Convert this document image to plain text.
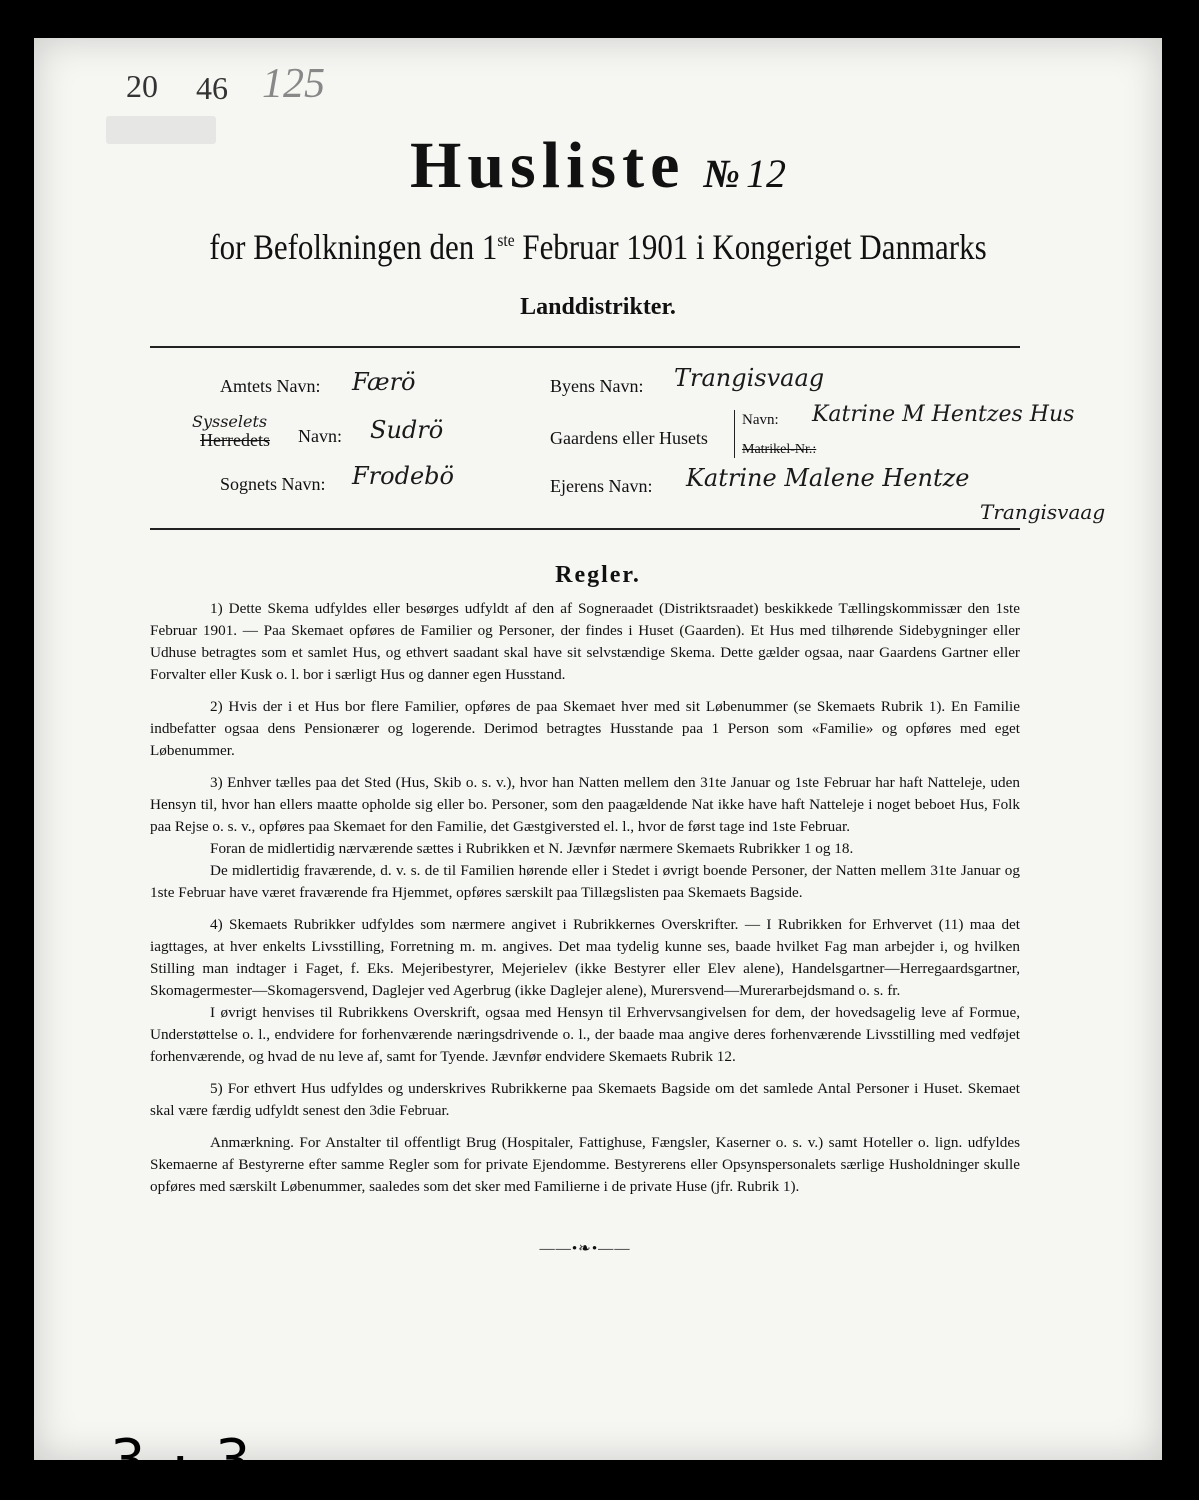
20 46 125
Husliste № 12
for Befolkningen den 1ste Februar 1901 i Kongeriget Danmarks
Landdistrikter.
Amtets Navn: Færö
Sysselets
Herredets Navn: Sudrö
Sognets Navn: Frodebö
Byens Navn: Trangisvaag
Gaardens eller Husets
Navn: Katrine M Hentzes Hus
Matrikel-Nr.:
Ejerens Navn: Katrine Malene Hentze
Trangisvaag
Regler.

1) Dette Skema udfyldes eller besørges udfyldt af den af Sogneraadet (Distriktsraadet) beskikkede Tællingskommissær den 1ste Februar 1901. — Paa Skemaet opføres de Familier og Personer, der findes i Huset (Gaarden). Et Hus med tilhørende Sidebygninger eller Udhuse betragtes som et samlet Hus, og ethvert saadant skal have sit selvstændige Skema. Dette gælder ogsaa, naar Gaardens Gartner eller Forvalter eller Kusk o. l. bor i særligt Hus og danner egen Husstand.

2) Hvis der i et Hus bor flere Familier, opføres de paa Skemaet hver med sit Løbenummer (se Skemaets Rubrik 1). En Familie indbefatter ogsaa dens Pensionærer og logerende. Derimod betragtes Husstande paa 1 Person som «Familie» og opføres med eget Løbenummer.

3) Enhver tælles paa det Sted (Hus, Skib o. s. v.), hvor han Natten mellem den 31te Januar og 1ste Februar har haft Natteleje, uden Hensyn til, hvor han ellers maatte opholde sig eller bo. Personer, som den paagældende Nat ikke have haft Natteleje i noget beboet Hus, Folk paa Rejse o. s. v., opføres paa Skemaet for den Familie, det Gæstgiversted el. l., hvor de først tage ind 1ste Februar.

Foran de midlertidig nærværende sættes i Rubrikken et N. Jævnfør nærmere Skemaets Rubrikker 1 og 18.

De midlertidig fraværende, d. v. s. de til Familien hørende eller i Stedet i øvrigt boende Personer, der Natten mellem 31te Januar og 1ste Februar have været fraværende fra Hjemmet, opføres særskilt paa Tillægslisten paa Skemaets Bagside.

4) Skemaets Rubrikker udfyldes som nærmere angivet i Rubrikkernes Overskrifter. — I Rubrikken for Erhvervet (11) maa det iagttages, at hver enkelts Livsstilling, Forretning m. m. angives. Det maa tydelig kunne ses, baade hvilket Fag man arbejder i, og hvilken Stilling man indtager i Faget, f. Eks. Mejeribestyrer, Mejerielev (ikke Bestyrer eller Elev alene), Handelsgartner—Herregaardsgartner, Skomagermester—Skomagersvend, Daglejer ved Agerbrug (ikke Daglejer alene), Murersvend—Murerarbejdsmand o. s. fr.

I øvrigt henvises til Rubrikkens Overskrift, ogsaa med Hensyn til Erhvervsangivelsen for dem, der hovedsagelig leve af Formue, Understøttelse o. l., endvidere for forhenværende næringsdrivende o. l., der baade maa angive deres forhenværende Livsstilling med vedføjet forhenværende, og hvad de nu leve af, samt for Tyende. Jævnfør endvidere Skemaets Rubrik 12.

5) For ethvert Hus udfyldes og underskrives Rubrikkerne paa Skemaets Bagside om det samlede Antal Personer i Huset. Skemaet skal være færdig udfyldt senest den 3die Februar.

Anmærkning. For Anstalter til offentligt Brug (Hospitaler, Fattighuse, Fængsler, Kaserner o. s. v.) samt Hoteller o. lign. udfyldes Skemaerne af Bestyrerne efter samme Regler som for private Ejendomme. Bestyrerens eller Opsynspersonalets særlige Husholdninger skulle opføres med særskilt Løbenummer, saaledes som det sker med Familierne i de private Huse (jfr. Rubrik 1).

——•❧•——
3 · 3
